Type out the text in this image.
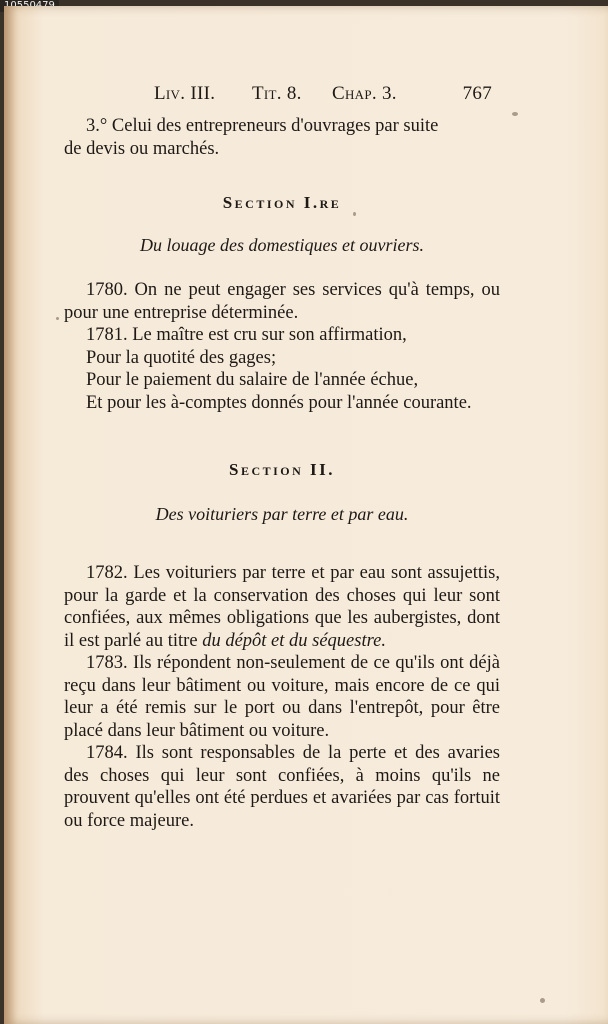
Liv. III. Tit. 8. Chap. 3.	767

3.° Celui des entrepreneurs d'ouvrages par suite

de devis ou marchés.

Section I.re

Du louage des domestiques et ouvriers.

1780. On ne peut engager ses services qu'à temps, ou pour une entreprise déterminée.

1781. Le maître est cru sur son affirmation,

Pour la quotité des gages;

Pour le paiement du salaire de l'année échue,

Et pour les à-comptes donnés pour l'année courante.

Section II.

Des voituriers par terre et par eau.

1782. Les voituriers par terre et par eau sont assujettis, pour la garde et la conservation des choses qui leur sont confiées, aux mêmes obligations que les aubergistes, dont il est parlé au titre du dépôt et du séquestre.

1783. Ils répondent non-seulement de ce qu'ils ont déjà reçu dans leur bâtiment ou voiture, mais encore de ce qui leur a été remis sur le port ou dans l'entrepôt, pour être placé dans leur bâtiment ou voiture.

1784. Ils sont responsables de la perte et des avaries des choses qui leur sont confiées, à moins qu'ils ne prouvent qu'elles ont été perdues et avariées par cas fortuit ou force majeure.
